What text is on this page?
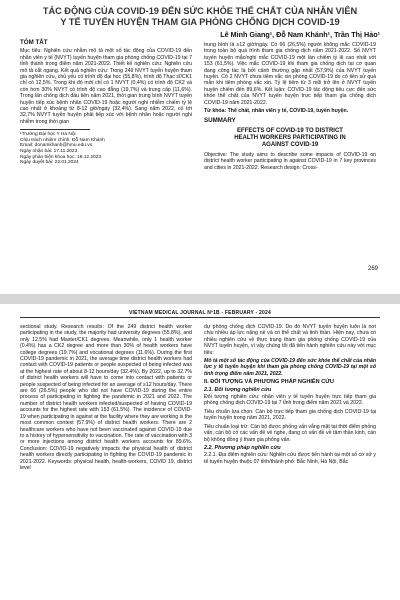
TÁC ĐỘNG CỦA COVID-19 ĐẾN SỨC KHỎE THỂ CHẤT CỦA NHÂN VIÊN
Y TẾ TUYẾN HUYỆN THAM GIA PHÒNG CHỐNG DỊCH COVID-19
Lê Minh Giang¹, Đỗ Nam Khánh¹, Trần Thị Hảo¹
TÓM TẮT

Mục tiêu: Nghiên cứu nhằm mô tả một số tác động của COVID-19 đến nhân viên y tế (NVYT) tuyến huyện tham gia phòng chống COVID-19 tại 7 tỉnh thành trong điểm năm 2021-2022. Thiết kế nghiên cứu: Nghiên cứu mô tả cắt ngang. Kết quả nghiên cứu: Trong 249 NVYT tuyến huyện tham gia nghiên cứu, chủ yếu có trình độ đại học (55,8%), trình độ Thạc sĩ/CK1 chỉ có 12,5%. Trong khi đó mới chỉ có 1 NVYT (0,4%) có trình độ CK2 và còn hơn 30% NVYT có trình độ cao đẳng (19,7%) và trung cấp (11,6%). Trong lần chống dịch đầu tiên năm 2021, thời gian trung bình NVYT tuyến huyện tiếp xúc bệnh nhân COVID-19 hoặc người nghi nhiễm chiếm tỷ lệ cao nhất ở khoảng từ 8-12 giờ/ngày (32,4%). Sang năm 2022, có tới 32,7% NVYT tuyến huyện phải tiếp xúc với bệnh nhân hoặc người nghi nhiễm trong thời gian

¹Trường Đại học Y Hà Nội
Chịu trách nhiệm chính: Đỗ Nam Khánh
Email: donamkhanh@hmu.edu.vn
Ngày nhận bài: 17.11.2023
Ngày phản biện khoa học: 18.12.2023
Ngày duyệt bài: 22.01.2024

trung bình là ≥12 giờ/ngày. Có 66 (26,5%) người không mắc COVID-19 trong toàn bộ quá trình tham gia chống dịch năm 2021-2022. Số NVYT tuyến huyện mắc/nghi mắc COVID-19 một lần chiếm tỷ lệ cao nhất với 153 (61,5%). Việc mắc COVID-19 khi tham gia chống dịch tại cơ quan đang công tác là bởi cảnh thường gặp nhất (57,9%) của NVYT tuyến huyện. Có 2 NVYT chưa tiêm vắc xin phòng COVID-19 do có tiền sử quá mẫn khi tiêm phòng vắc xin. Tỷ lệ tiêm từ 3 mũi trở lên ở NVYT tuyến huyện chiếm đến 89,6%. Kết luận: COVID-19 tác động tiêu cực đến sức khỏe thể chất của NVYT tuyến huyện trực tiếp tham gia chống dịch COVID-19 năm 2021-2022.

Từ khóa: Thể chất, nhân viên y tế, COVID-19, tuyến huyện.

SUMMARY
EFFECTS OF COVID-19 TO DISTRICT
HEALTH WORKERS PARTICIPATING IN
AGAINST COVID-19

Objective: The study aims to describe some impacts of COVID-19 on district health worker participating in against COVID-19 in 7 key provinces and cities in 2021-2022. Research design: Cross-

269
VIETNAM MEDICAL JOURNAL Nº1B - FEBRUARY - 2024

sectional study. Research results: Of the 249 district health worker participating in the study, the majority had university degrees (55.8%), and only 12.5% had Master/CK1 degrees. Meanwhile, only 1 health worker (0.4%) has a CK2 degree and more than 30% of health workers have college degrees (19.7%) and vocational degrees (11.6%). During the first COVID-19 pandemic in 2021, the average time district health workers had contact with COVID-19 patients or people suspected of being infected was at the highest rate of about 8-12 hours/day (32.4%). By 2022, up to 32.7% of district health workers will have to come into contact with patients or people suspected of being infected for an average of ≥12 hours/day. There are 66 (26.5%) people who did not have COVID-19 during the entire process of participating in fighting the pandemic in 2021 and 2022. The number of district health workers infected/suspected of having COVID-19 accounts for the highest rate with 153 (61.5%). The incidence of COVID-19 when participating in against at the facility where they are working is the most common context (57.9%) of district health workers. There are 2 healthcare workers who have not been vaccinated against COVID-19 due to a history of hypersensitivity to vaccination. The rate of vaccination with 3 or more injections among district health workers accounts for 89.6%. Conclusion: COVID-19 negatively impacts the physical health of district health workers directly participating in fighting the COVID-19 pandemic in 2021-2022. Keywords: physical health, health-workers, COVID 19, district level

dự phòng chống dịch COVID-19. Do đó NVYT tuyến huyện luôn là nơi chịu nhiều áp lực nặng nề và có thể chất và tinh thần. Hiện nay, chưa có nhiều nghiên cứu về thực trạng tham gia phòng chống COVID-19 của NVYT tuyến huyện, vì vậy chúng tôi đã tiến hành nghiên cứu này với mục tiêu:

Mô tả một số tác động của COVID-19 đến sức khỏe thể chất của nhân lực y tế tuyến huyện khi tham gia phòng chống COVID-19 tại một số tỉnh trọng điểm năm 2021, 2022.

II. ĐỐI TƯỢNG VÀ PHƯƠNG PHÁP NGHIÊN CỨU
2.1. Đối tượng nghiên cứu

Đối tượng nghiên cứu: nhân viên y tế tuyến huyện trực tiếp tham gia phòng chống dịch COVID-19 tại 7 tỉnh trong điểm năm 2021 và 2022.

Tiêu chuẩn lựa chọn: Cán bộ trực tiếp tham gia chống dịch COVID-19 tại tuyến huyện trong năm 2021, 2022.

Tiêu chuẩn loại trừ: Cán bộ được phỏng vấn vắng mặt tại thời điểm phỏng vấn, cán bộ có các vấn đề về nghe, đang có vấn đề về tâm thần kinh, cán bộ không đồng ý tham gia phỏng vấn.

2.2. Phương pháp nghiên cứu

2.2.1. Địa điểm nghiên cứu: Nghiên cứu được tiến hành tại một số cơ sở y tế tuyến huyện thuộc 07 tỉnh/thành phố: Bắc Ninh, Hà Nội, Bắc
